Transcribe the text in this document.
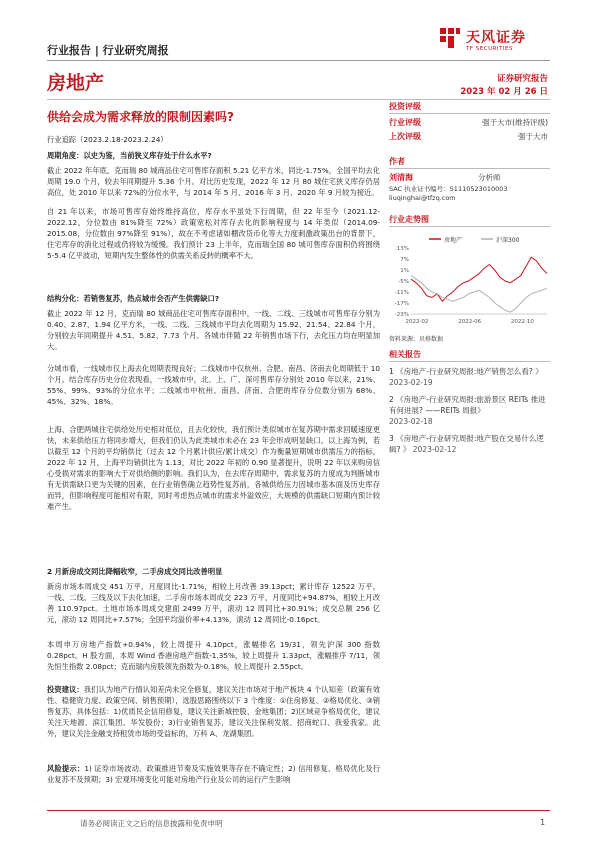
行业报告 | 行业研究周报
天风证券
TF SECURITIES
房地产	证券研究报告
2023 年 02 月 26 日
供给会成为需求释放的限制因素吗?
行业追踪（2023.2.18-2023.2.24）
周期角度：以史为鉴，当前狭义库存处于什么水平?
截止 2022 年年底，克而瑞 80 城商品住宅可售库存面积 5.21 亿平方米，同比-1.75%，全国平均去化周期 19.0 个月，较去年同期提升 5.36 个月。对比历史发现，2022 年 12 月 80 城住宅狭义库存仍居高位，处 2010 年以来 72%的分位水平，与 2014 年 5 月、2016 年 3 月、2020 年 9 月较为接近。
自 21 年以来，市场可售库存始终维持高位，库存水平虽处下行周期，但 22 年至今（2021.12-2022.12，分位数由 81%降至 72%）政策宽松对库存去化的影响程度与 14 年类似（2014.09-2015.08，分位数由 97%降至 91%），故在不考虑诸如棚改货币化等大力度刺激政策出台的背景下，住宅库存的消化过程或仍将较为缓慢。我们预计 23 上半年，克而瑞全国 80 城可售库存面积仍将围绕 5-5.4 亿平波动，短期内发生整体性的供需关系反转的概率不大。
结构分化：若销售复苏，热点城市会否产生供需缺口?
截止 2022 年 12 月，克而瑞 80 城商品住宅可售库存面积中，一线、二线、三线城市可售库存分别为 0.40、2.87、1.94 亿平方米，一线、二线、三线城市平均去化周期为 15.92、21.54、22.84 个月，分别较去年同期提升 4.51、5.82、7.73 个月。各城市伴随 22 年销售市场下行，去化压力均在明显加大。
分城市看，一线城市仅上海去化周期表现良好；二线城市中仅杭州、合肥、南昌、济南去化周期低于 10 个月。结合库存历史分位表现看，一线城市中，北、上、广、深可售库存分别处 2010 年以来，21%、55%、99%、93%的分位水平；二线城市中杭州、南昌、济南、合肥的库存分位数分别为 68%、45%、32%、18%。
上海、合肥两城住宅供给处历史相对低位，且去化较快，我们预计类似城市在复苏期中需求回暖速度更快，未来供给压力将同步增大，但我们仍认为此类城市未必在 23 年会形成明显缺口。以上海为例，若以截至 12 个月的平均销供比（过去 12 个月累计供应/累计成交）作为衡量短期城市供需压力的指标，2022 年 12 月，上海平均销供比为 1.13，对比 2022 年初的 0.90 显著提升，说明 22 年以来购房信心受损对需求的影响大于对供给侧的影响。我们认为，在去库存周期中，需求复苏的力度成为判断城市有无供需缺口更为关键的因素，在行业销售确立趋势性复苏前，各城供给压力因城市基本面及历史库存而异，但影响程度可能相对有限，同时考虑热点城市的需求外溢效应，大规模的供需缺口短期内预计较难产生。
2 月新房成交同比降幅收窄，二手房成交同比改善明显
新房市场本周成交 451 万平，月度同比-1.71%，相较上月改善 39.13pct；累计库存 12522 万平，一线、二线、三线及以下去化加速。二手房市场本周成交 223 万平，月度同比+94.87%，相较上月改善 110.97pct。土地市场本周成交建面 2499 万平，滚动 12 周同比+30.91%；成交总额 256 亿元，滚动 12 周同比+7.57%；全国平均溢价率+4.13%，滚动 12 周同比-0.16pct。
本周申万房地产指数+0.94%，较上周提升 4.10pct，涨幅排名 19/31，领先沪深 300 指数 0.28pct。H 股方面，本周 Wind 香港房地产指数-1.35%，较上周提升 1.33pct，涨幅排序 7/11，领先恒生指数 2.08pct；克而瑞内房股领先指数为-0.18%，较上周提升 2.55pct。
投资建议：我们认为地产行情认知差尚未完全修复，建议关注市场对于地产板块 4 个认知差（政策有效性、稳健资力度、政策空间、销售预期），选股思路围绕以下 3 个维度：①住房修复、②格局优化、③销售复苏、具体包括：1)优质民企信用修复，建议关注新城控股、金地集团；2)区域竞争格局优化，建议关注天地源、滨江集团、华发股份；3)行业销售复苏，建议关注保利发展、招商蛇口、我爱我家。此外，建议关注金融支持租赁市场的受益标的，万科 A、龙湖集团。
风险提示：1) 证券市场波动、政策推进节奏及实施效果等存在不确定性；2) 信用修复、格局优化及行业复苏不及预期；3) 宏观环境变化可能对房地产行业及公司的运行产生影响
投资评级
行业评级	强于大市(维持评级)
上次评级	强于大市
作者
刘清海	分析师
SAC 执业证书编号：S1110523010003
liuqinghai@tfzq.com
行业走势图
房地产	沪深300
13%
7%
1%
-5%
-11%
-17%
-23%
2022-02	2022-06	2022-10
资料来源：贝格数据
相关报告
1 《房地产-行业研究周报:地产销售怎么看? 》 2023-02-19
2 《房地产-行业研究周报:旅游景区 REITs 推进有何进展? ——REITs 周报》
2023-02-18
3 《房地产-行业研究周报:地产股在交易什么逻辑? 》 2023-02-12
请务必阅读正文之后的信息披露和免责申明	1
